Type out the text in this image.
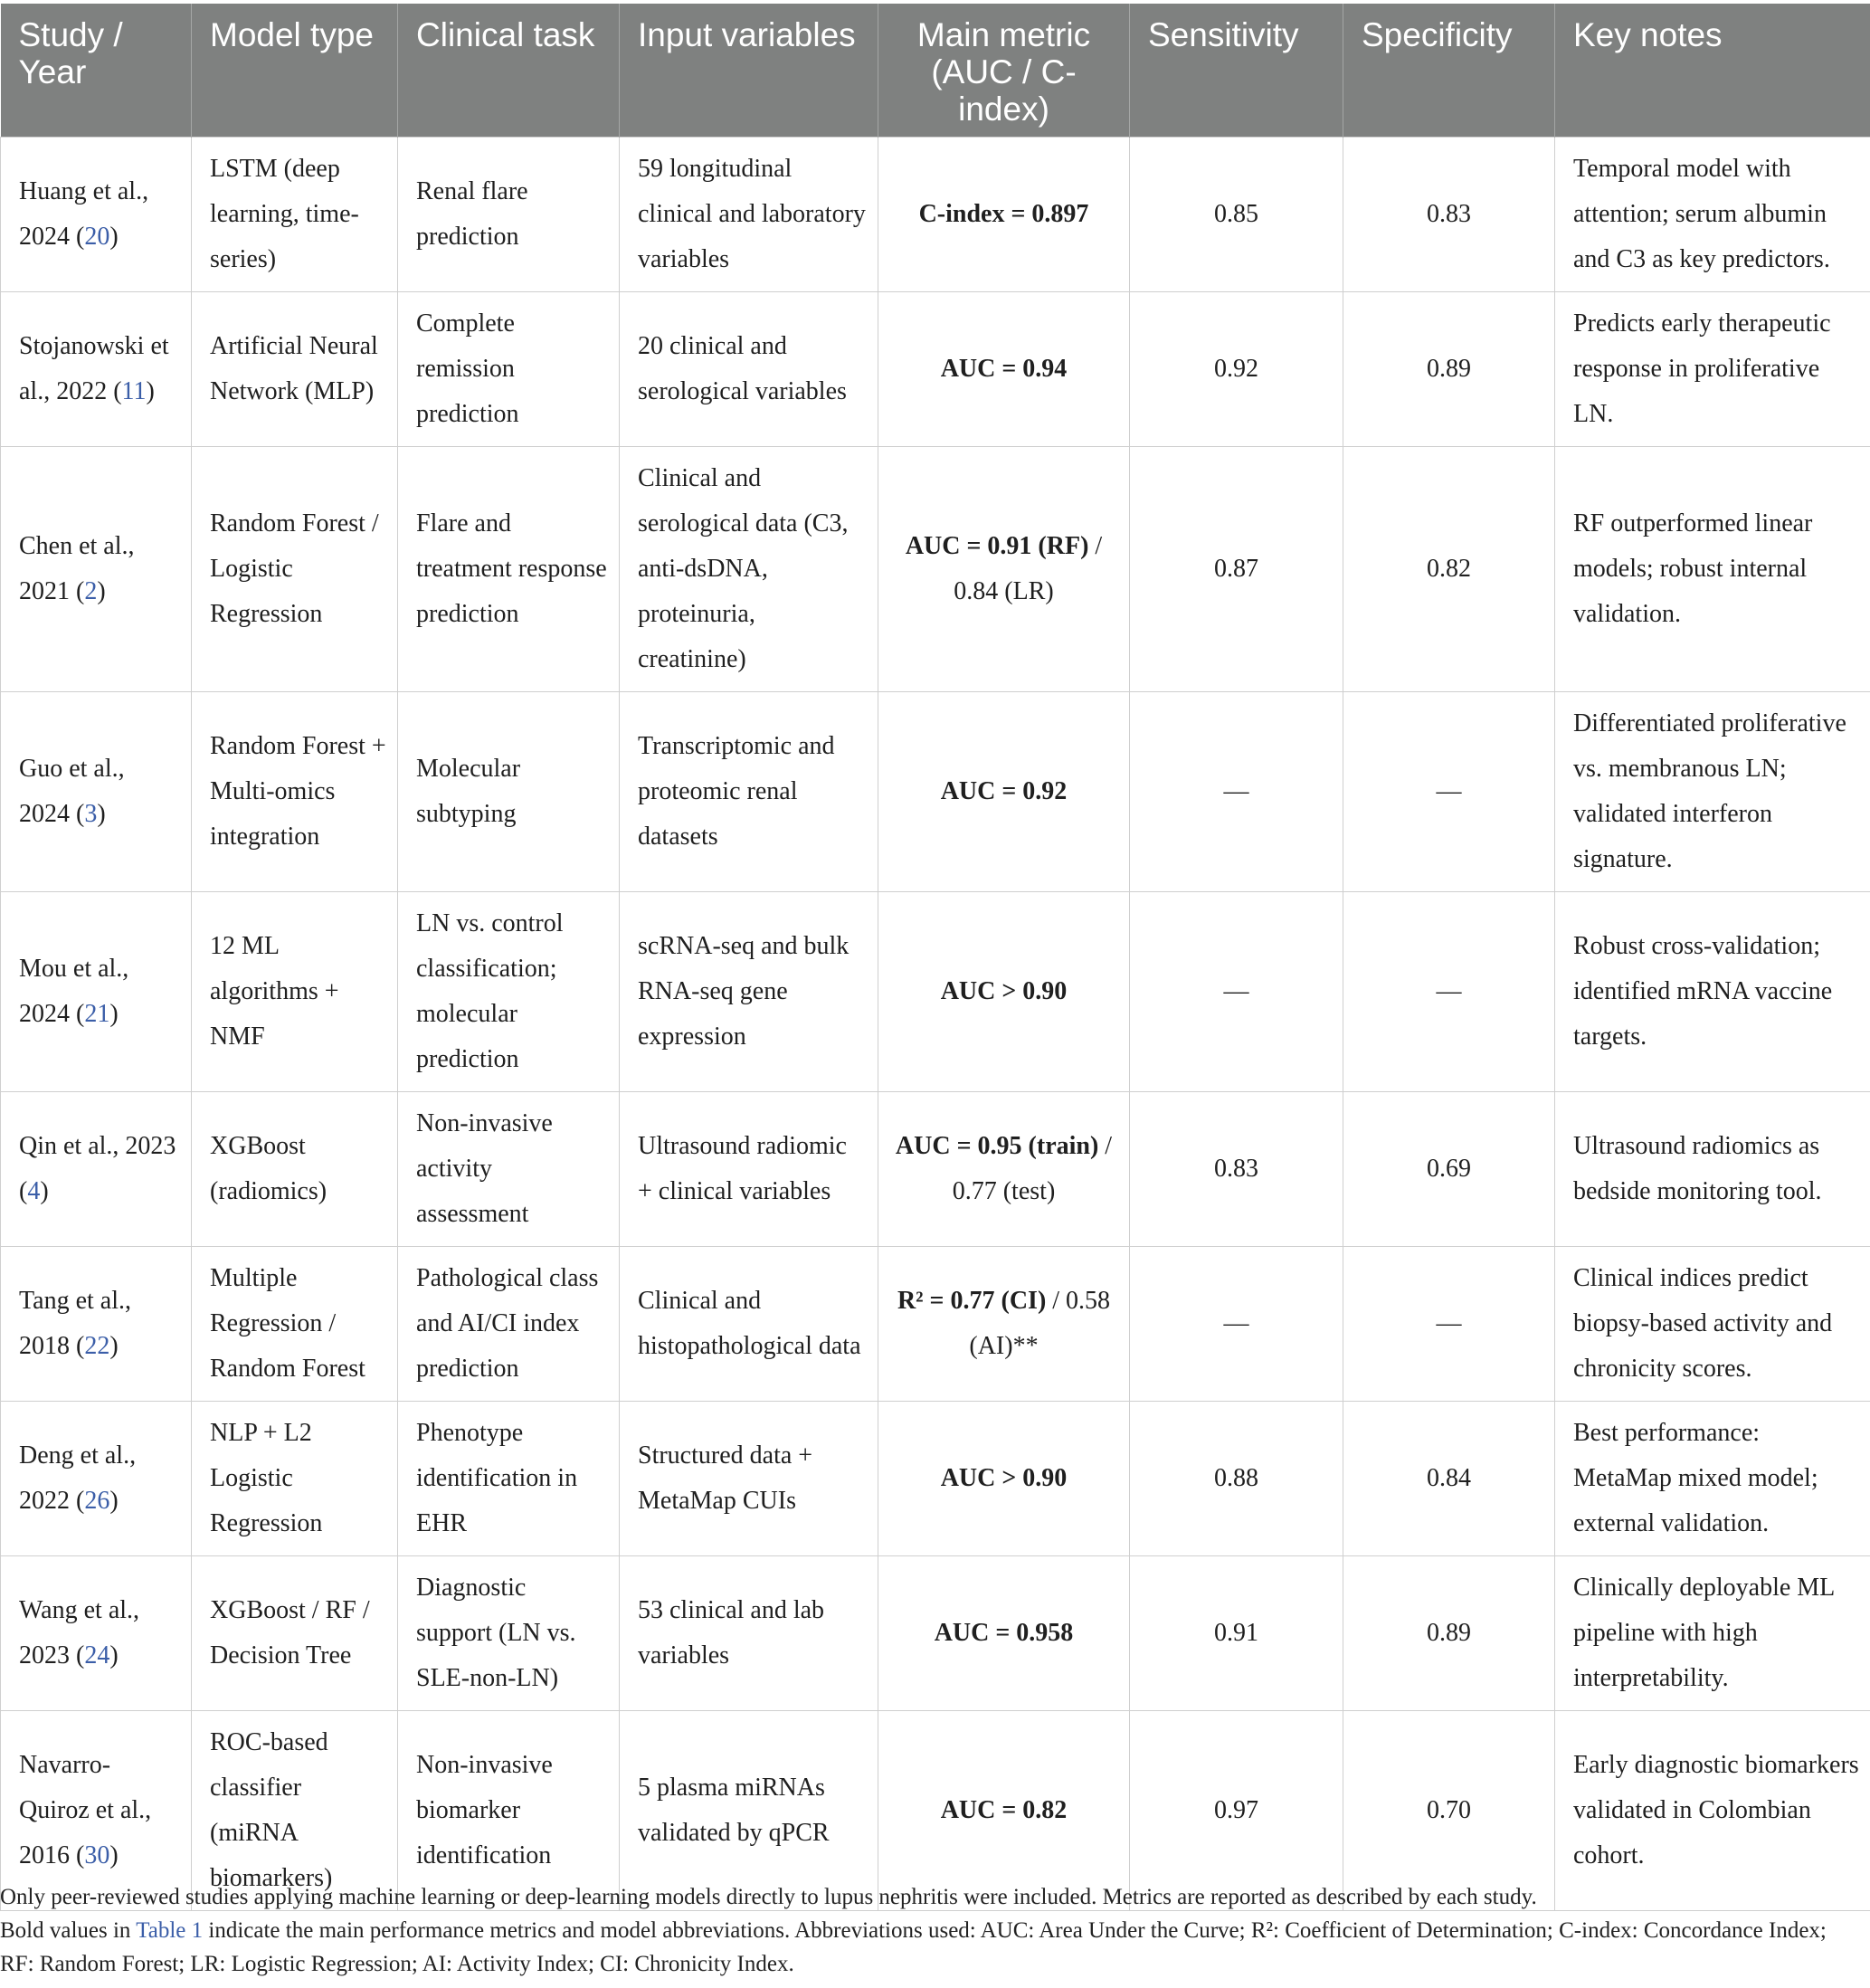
Study / Year	Model type	Clinical task	Input variables	Main metric (AUC / C-index)	Sensitivity	Specificity	Key notes
Huang et al., 2024 (20)	LSTM (deep learning, time-series)	Renal flare prediction	59 longitudinal clinical and laboratory variables	C-index = 0.897	0.85	0.83	Temporal model with attention; serum albumin and C3 as key predictors.
Stojanowski et al., 2022 (11)	Artificial Neural Network (MLP)	Complete remission prediction	20 clinical and serological variables	AUC = 0.94	0.92	0.89	Predicts early therapeutic response in proliferative LN.
Chen et al., 2021 (2)	Random Forest / Logistic Regression	Flare and treatment response prediction	Clinical and serological data (C3, anti-dsDNA, proteinuria, creatinine)	AUC = 0.91 (RF) / 0.84 (LR)	0.87	0.82	RF outperformed linear models; robust internal validation.
Guo et al., 2024 (3)	Random Forest + Multi-omics integration	Molecular subtyping	Transcriptomic and proteomic renal datasets	AUC = 0.92	—	—	Differentiated proliferative vs. membranous LN; validated interferon signature.
Mou et al., 2024 (21)	12 ML algorithms + NMF	LN vs. control classification; molecular prediction	scRNA-seq and bulk RNA-seq gene expression	AUC > 0.90	—	—	Robust cross-validation; identified mRNA vaccine targets.
Qin et al., 2023 (4)	XGBoost (radiomics)	Non-invasive activity assessment	Ultrasound radiomic + clinical variables	AUC = 0.95 (train) / 0.77 (test)	0.83	0.69	Ultrasound radiomics as bedside monitoring tool.
Tang et al., 2018 (22)	Multiple Regression / Random Forest	Pathological class and AI/CI index prediction	Clinical and histopathological data	R² = 0.77 (CI) / 0.58 (AI)**	—	—	Clinical indices predict biopsy-based activity and chronicity scores.
Deng et al., 2022 (26)	NLP + L2 Logistic Regression	Phenotype identification in EHR	Structured data + MetaMap CUIs	AUC > 0.90	0.88	0.84	Best performance: MetaMap mixed model; external validation.
Wang et al., 2023 (24)	XGBoost / RF / Decision Tree	Diagnostic support (LN vs. SLE-non-LN)	53 clinical and lab variables	AUC = 0.958	0.91	0.89	Clinically deployable ML pipeline with high interpretability.
Navarro-Quiroz et al., 2016 (30)	ROC-based classifier (miRNA biomarkers)	Non-invasive biomarker identification	5 plasma miRNAs validated by qPCR	AUC = 0.82	0.97	0.70	Early diagnostic biomarkers validated in Colombian cohort.

Only peer-reviewed studies applying machine learning or deep-learning models directly to lupus nephritis were included. Metrics are reported as described by each study.

Bold values in Table 1 indicate the main performance metrics and model abbreviations. Abbreviations used: AUC: Area Under the Curve; R²: Coefficient of Determination; C-index: Concordance Index; RF: Random Forest; LR: Logistic Regression; AI: Activity Index; CI: Chronicity Index.
